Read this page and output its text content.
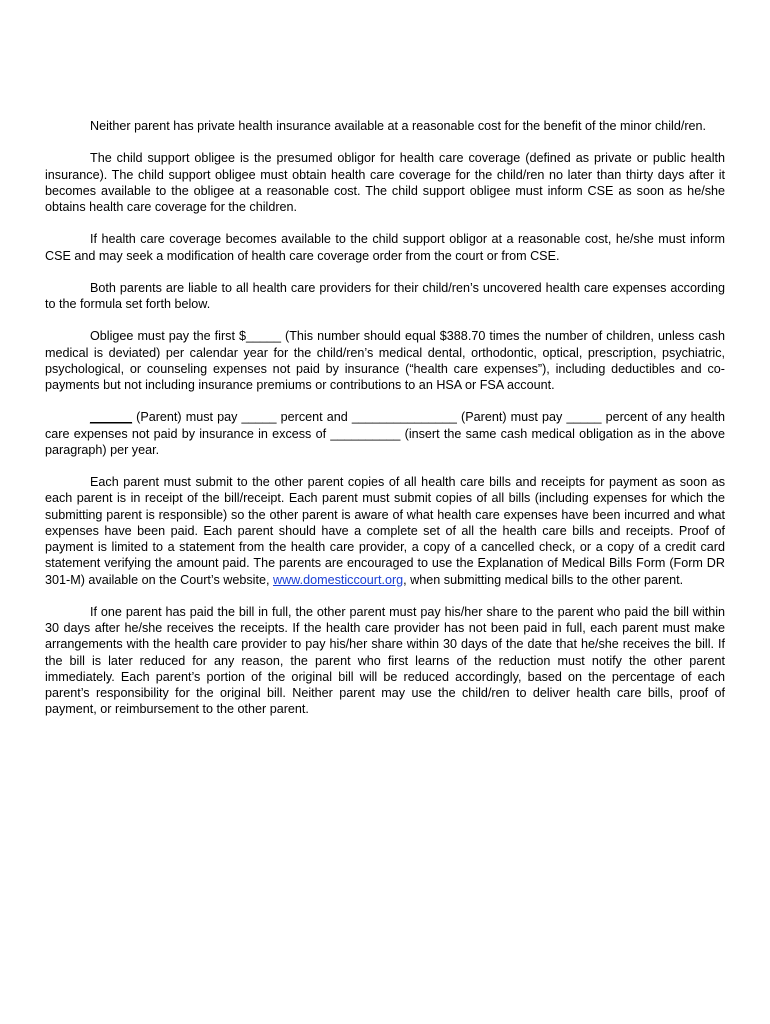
Neither parent has private health insurance available at a reasonable cost for the benefit of the minor child/ren.

The child support obligee is the presumed obligor for health care coverage (defined as private or public health insurance). The child support obligee must obtain health care coverage for the child/ren no later than thirty days after it becomes available to the obligee at a reasonable cost. The child support obligee must inform CSE as soon as he/she obtains health care coverage for the children.

If health care coverage becomes available to the child support obligor at a reasonable cost, he/she must inform CSE and may seek a modification of health care coverage order from the court or from CSE.

Both parents are liable to all health care providers for their child/ren’s uncovered health care expenses according to the formula set forth below.

Obligee must pay the first $_____ (This number should equal $388.70 times the number of children, unless cash medical is deviated) per calendar year for the child/ren’s medical dental, orthodontic, optical, prescription, psychiatric, psychological, or counseling expenses not paid by insurance (“health care expenses”), including deductibles and co-payments but not including insurance premiums or contributions to an HSA or FSA account.

______ (Parent) must pay _____ percent and _______________ (Parent) must pay _____ percent of any health care expenses not paid by insurance in excess of __________ (insert the same cash medical obligation as in the above paragraph) per year.

Each parent must submit to the other parent copies of all health care bills and receipts for payment as soon as each parent is in receipt of the bill/receipt. Each parent must submit copies of all bills (including expenses for which the submitting parent is responsible) so the other parent is aware of what health care expenses have been incurred and what expenses have been paid. Each parent should have a complete set of all the health care bills and receipts. Proof of payment is limited to a statement from the health care provider, a copy of a cancelled check, or a copy of a credit card statement verifying the amount paid. The parents are encouraged to use the Explanation of Medical Bills Form (Form DR 301-M) available on the Court’s website, www.domesticcourt.org, when submitting medical bills to the other parent.

If one parent has paid the bill in full, the other parent must pay his/her share to the parent who paid the bill within 30 days after he/she receives the receipts. If the health care provider has not been paid in full, each parent must make arrangements with the health care provider to pay his/her share within 30 days of the date that he/she receives the bill. If the bill is later reduced for any reason, the parent who first learns of the reduction must notify the other parent immediately. Each parent’s portion of the original bill will be reduced accordingly, based on the percentage of each parent’s responsibility for the original bill. Neither parent may use the child/ren to deliver health care bills, proof of payment, or reimbursement to the other parent.
